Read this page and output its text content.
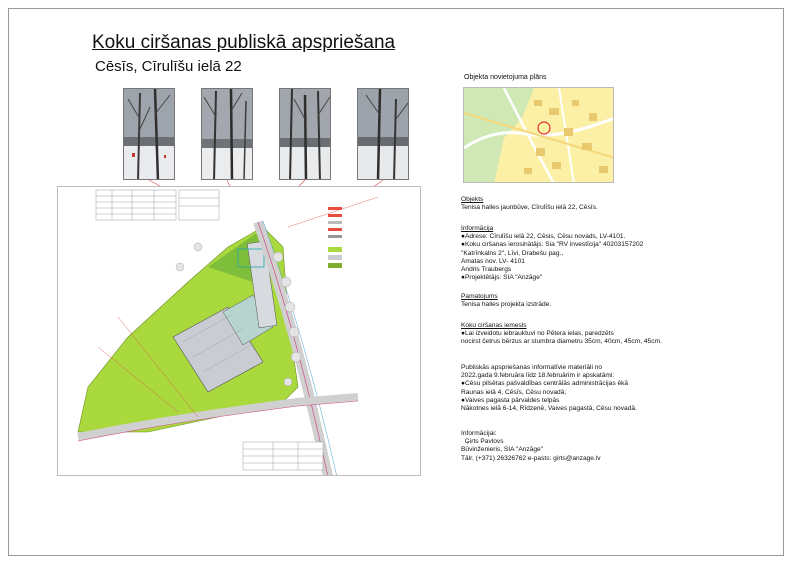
Koku ciršanas publiskā apspriešana
Cēsīs, Cīrulīšu ielā 22
Objekta novietojuma plāns
Objekts
Tenisa halles jaunbūve, Cīrulīšu ielā 22, Cēsīs.
Informācija
●Adrese: Cīrulīšu ielā 22, Cēsis, Cēsu novads, LV-4101.
●Koku ciršanas ierosinātājs: Sia "RV investīcija" 40203157202
"Katrīnkalns 2", Līvi, Drabešu pag.,
Amatas nov. LV- 4101
Andris Traubergs
●Projektētājs: SIA "Anzāge"
Pamatojums
Tenisa halles projekta izstrāde.
Koku ciršanas iemesls
●Lai izveidotu iebrauktuvi no Pētera ielas, paredzēts
nocirst četrus bērzus ar stumbra diametru 35cm, 40cm, 45cm, 45cm.
Publiskās apspriešanas informatīvie materiāli no
2022.gada 9.februāra līdz 18.februārim ir apskatāmi:
●Cēsu pilsētas pašvaldības centrālās administrācijas ēkā
Raunas ielā 4, Cēsīs, Cēsu novadā;
●Vaives pagasta pārvaldes telpās
Nākotnes ielā 6-14, Rīdzenē, Vaives pagastā, Cēsu novadā.
Informācijai:
Ģirts Pavlovs
Būvinženieris, SIA "Anzāge"
Tālr. (+371) 26326762 e-pasts: girts@anzage.lv
